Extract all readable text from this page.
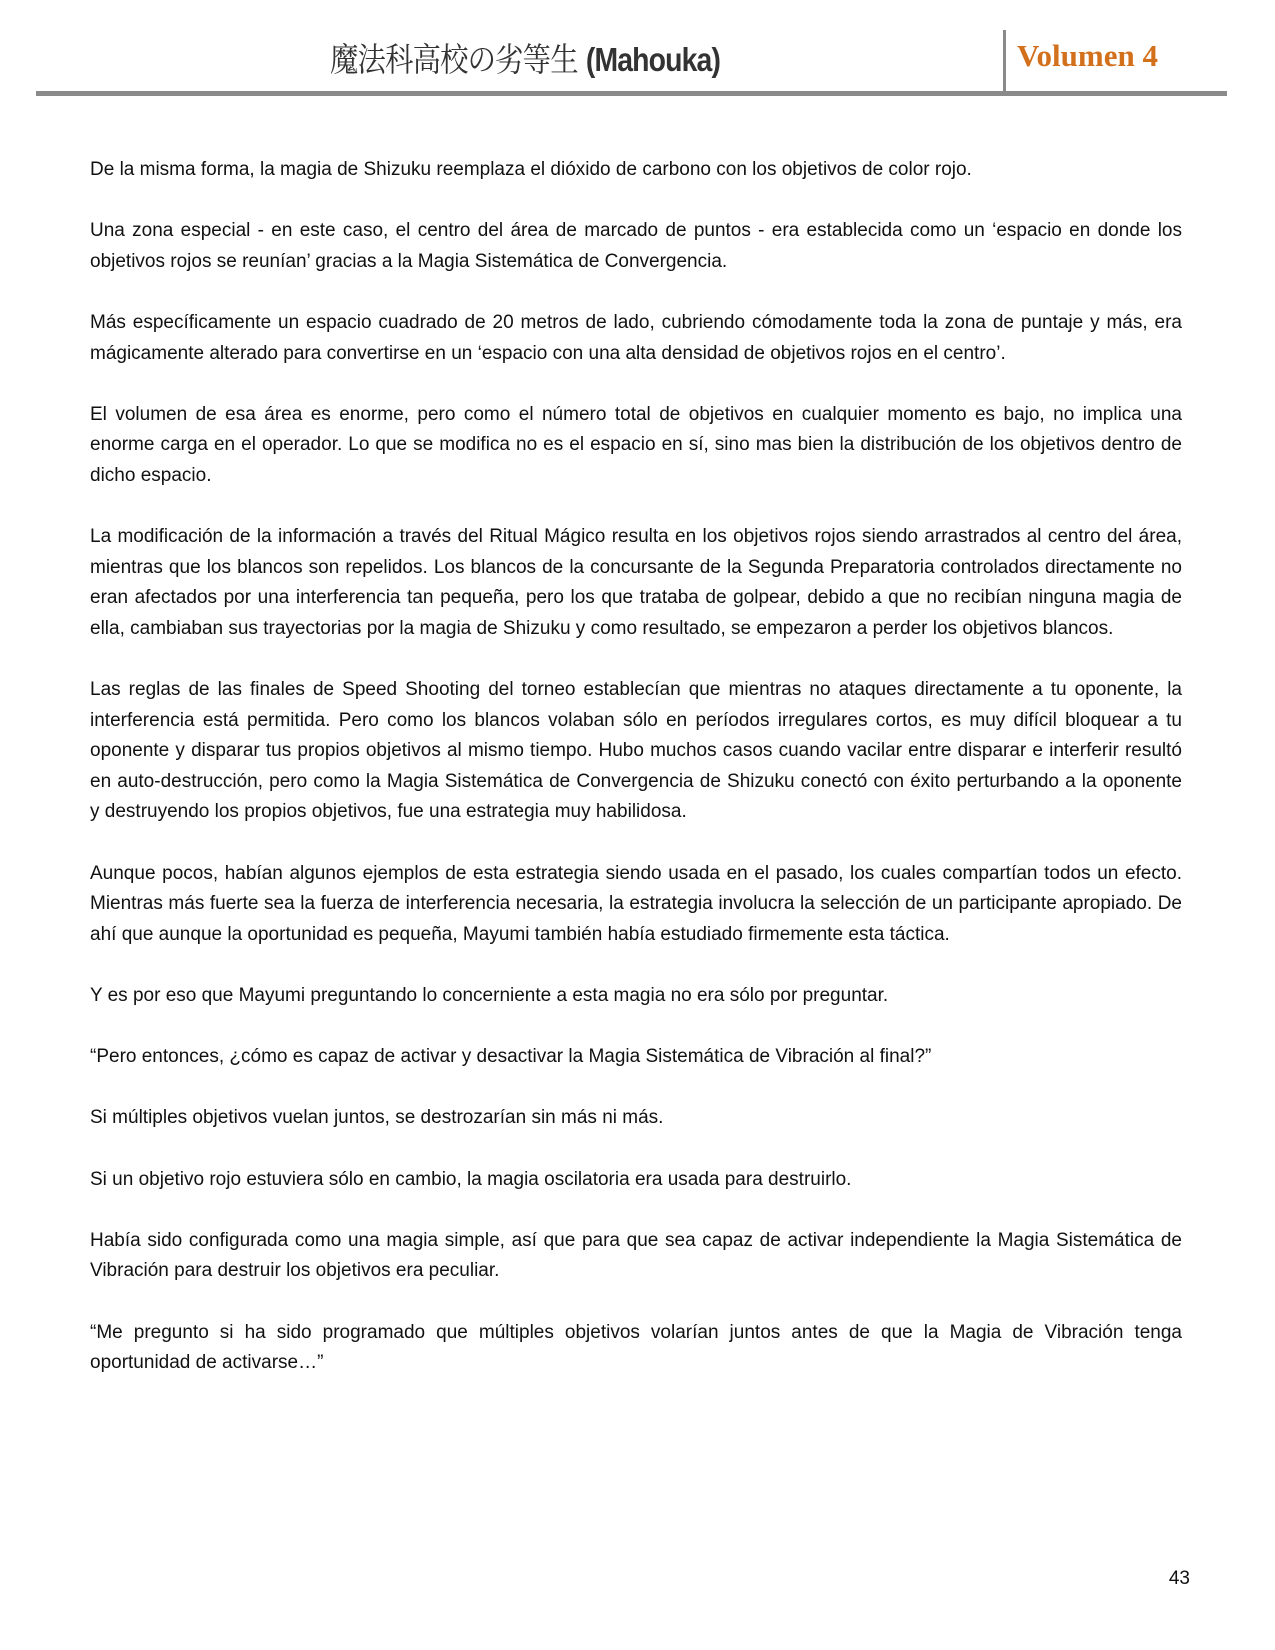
魔法科高校の劣等生 (Mahouka)	Volumen 4

De la misma forma, la magia de Shizuku reemplaza el dióxido de carbono con los objetivos de color rojo.

Una zona especial - en este caso, el centro del área de marcado de puntos - era establecida como un ‘espacio en donde los objetivos rojos se reunían’ gracias a la Magia Sistemática de Convergencia.

Más específicamente un espacio cuadrado de 20 metros de lado, cubriendo cómodamente toda la zona de puntaje y más, era mágicamente alterado para convertirse en un ‘espacio con una alta densidad de objetivos rojos en el centro’.

El volumen de esa área es enorme, pero como el número total de objetivos en cualquier momento es bajo, no implica una enorme carga en el operador. Lo que se modifica no es el espacio en sí, sino mas bien la distribución de los objetivos dentro de dicho espacio.

La modificación de la información a través del Ritual Mágico resulta en los objetivos rojos siendo arrastrados al centro del área, mientras que los blancos son repelidos. Los blancos de la concursante de la Segunda Preparatoria controlados directamente no eran afectados por una interferencia tan pequeña, pero los que trataba de golpear, debido a que no recibían ninguna magia de ella, cambiaban sus trayectorias por la magia de Shizuku y como resultado, se empezaron a perder los objetivos blancos.

Las reglas de las finales de Speed Shooting del torneo establecían que mientras no ataques directamente a tu oponente, la interferencia está permitida. Pero como los blancos volaban sólo en períodos irregulares cortos, es muy difícil bloquear a tu oponente y disparar tus propios objetivos al mismo tiempo. Hubo muchos casos cuando vacilar entre disparar e interferir resultó en auto-destrucción, pero como la Magia Sistemática de Convergencia de Shizuku conectó con éxito perturbando a la oponente y destruyendo los propios objetivos, fue una estrategia muy habilidosa.

Aunque pocos, habían algunos ejemplos de esta estrategia siendo usada en el pasado, los cuales compartían todos un efecto. Mientras más fuerte sea la fuerza de interferencia necesaria, la estrategia involucra la selección de un participante apropiado. De ahí que aunque la oportunidad es pequeña, Mayumi también había estudiado firmemente esta táctica.

Y es por eso que Mayumi preguntando lo concerniente a esta magia no era sólo por preguntar.

“Pero entonces, ¿cómo es capaz de activar y desactivar la Magia Sistemática de Vibración al final?”

Si múltiples objetivos vuelan juntos, se destrozarían sin más ni más.

Si un objetivo rojo estuviera sólo en cambio, la magia oscilatoria era usada para destruirlo.

Había sido configurada como una magia simple, así que para que sea capaz de activar independiente la Magia Sistemática de Vibración para destruir los objetivos era peculiar.

“Me pregunto si ha sido programado que múltiples objetivos volarían juntos antes de que la Magia de Vibración tenga oportunidad de activarse…”

43
